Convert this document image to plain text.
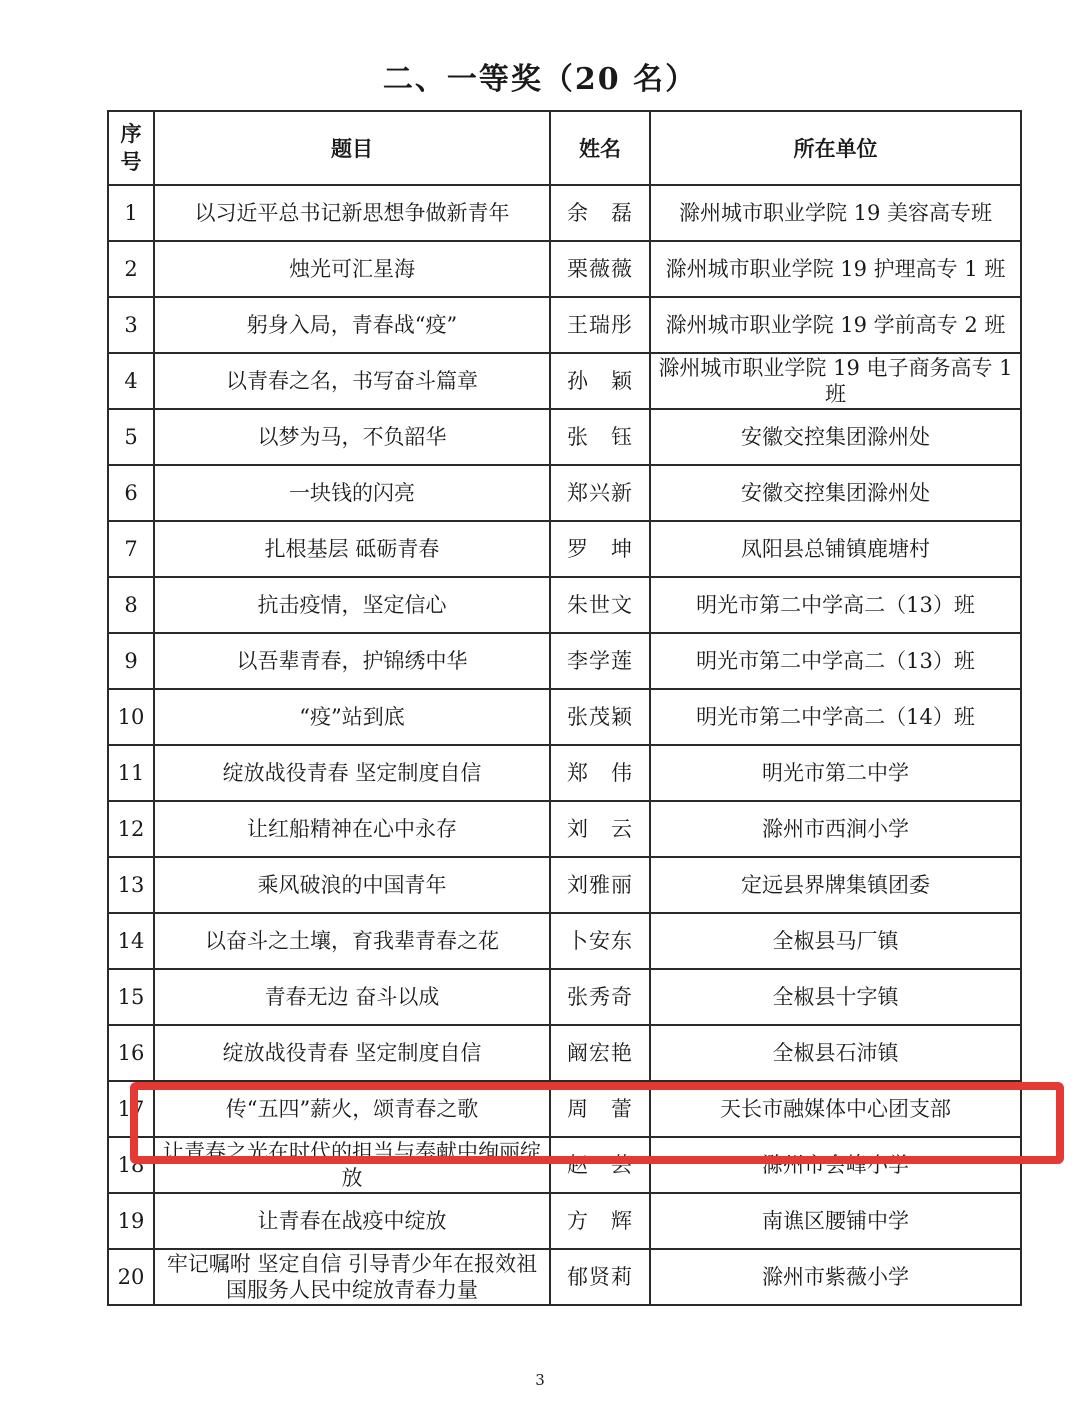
二、一等奖（20 名）
序
号	题目	姓名	所在单位
1	以习近平总书记新思想争做新青年	余　磊	滁州城市职业学院 19 美容高专班
2	烛光可汇星海	栗薇薇	滁州城市职业学院 19 护理高专 1 班
3	躬身入局，青春战“疫”	王瑞彤	滁州城市职业学院 19 学前高专 2 班
4	以青春之名，书写奋斗篇章	孙　颖	滁州城市职业学院 19 电子商务高专 1 班
5	以梦为马，不负韶华	张　钰	安徽交控集团滁州处
6	一块钱的闪亮	郑兴新	安徽交控集团滁州处
7	扎根基层 砥砺青春	罗　坤	凤阳县总铺镇鹿塘村
8	抗击疫情，坚定信心	朱世文	明光市第二中学高二（13）班
9	以吾辈青春，护锦绣中华	李学莲	明光市第二中学高二（13）班
10	“疫”站到底	张茂颖	明光市第二中学高二（14）班
11	绽放战役青春 坚定制度自信	郑　伟	明光市第二中学
12	让红船精神在心中永存	刘　云	滁州市西涧小学
13	乘风破浪的中国青年	刘雅丽	定远县界牌集镇团委
14	以奋斗之土壤，育我辈青春之花	卜安东	全椒县马厂镇
15	青春无边 奋斗以成	张秀奇	全椒县十字镇
16	绽放战役青春 坚定制度自信	阚宏艳	全椒县石沛镇
17	传“五四”薪火，颂青春之歌	周　蕾	天长市融媒体中心团支部
18	让青春之光在时代的担当与奉献中绚丽绽放	赵　芸	滁州市会峰小学
19	让青春在战疫中绽放	方　辉	南谯区腰铺中学
20	牢记嘱咐 坚定自信 引导青少年在报效祖国服务人民中绽放青春力量	郁贤莉	滁州市紫薇小学
3
